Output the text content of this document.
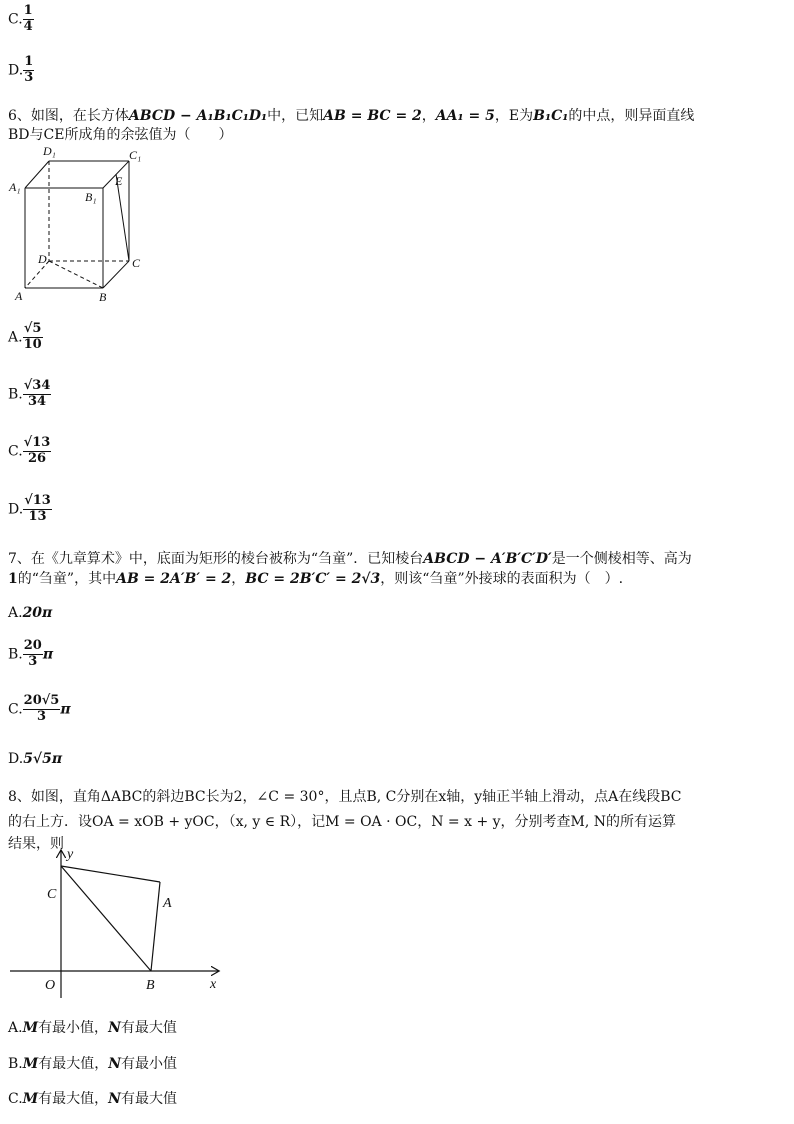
C. $\frac{1}{4}$
D. $\frac{1}{3}$
6、如图，在长方体ABCD − A₁B₁C₁D₁中，已知AB = BC = 2，AA₁ = 5，E为B₁C₁的中点，则异面直线
BD与CE所成角的余弦值为（　　）
D₁	C₁
A₁
B₁
E
D	C
A	B
A. $\frac{√5}{10}$
B. $\frac{√34}{34}$
C. $\frac{√13}{26}$
D. $\frac{√13}{13}$
7、在《九章算术》中，底面为矩形的棱台被称为“刍童”．已知棱台ABCD − A′B′C′D′是一个侧棱相等、高为
1的“刍童”，其中AB = 2A′B′ = 2，BC = 2B′C′ = 2√3，则该“刍童”外接球的表面积为（　）.
A.20π
B. $\frac{20}{3}$ π
C. $\frac{20√5}{3}$ π
D.5√5π
8、如图，直角ΔABC的斜边BC长为2，∠C = 30°，且点B, C分别在x轴，y轴正半轴上滑动，点A在线段BC
的右上方．设OA = xOB + yOC，（x, y ∈ R），记M = OA · OC，N = x + y，分别考查M, N的所有运算
结果，则
y
C
A
O	B	x
A.M有最小值，N有最大值
B.M有最大值，N有最小值
C.M有最大值，N有最大值
